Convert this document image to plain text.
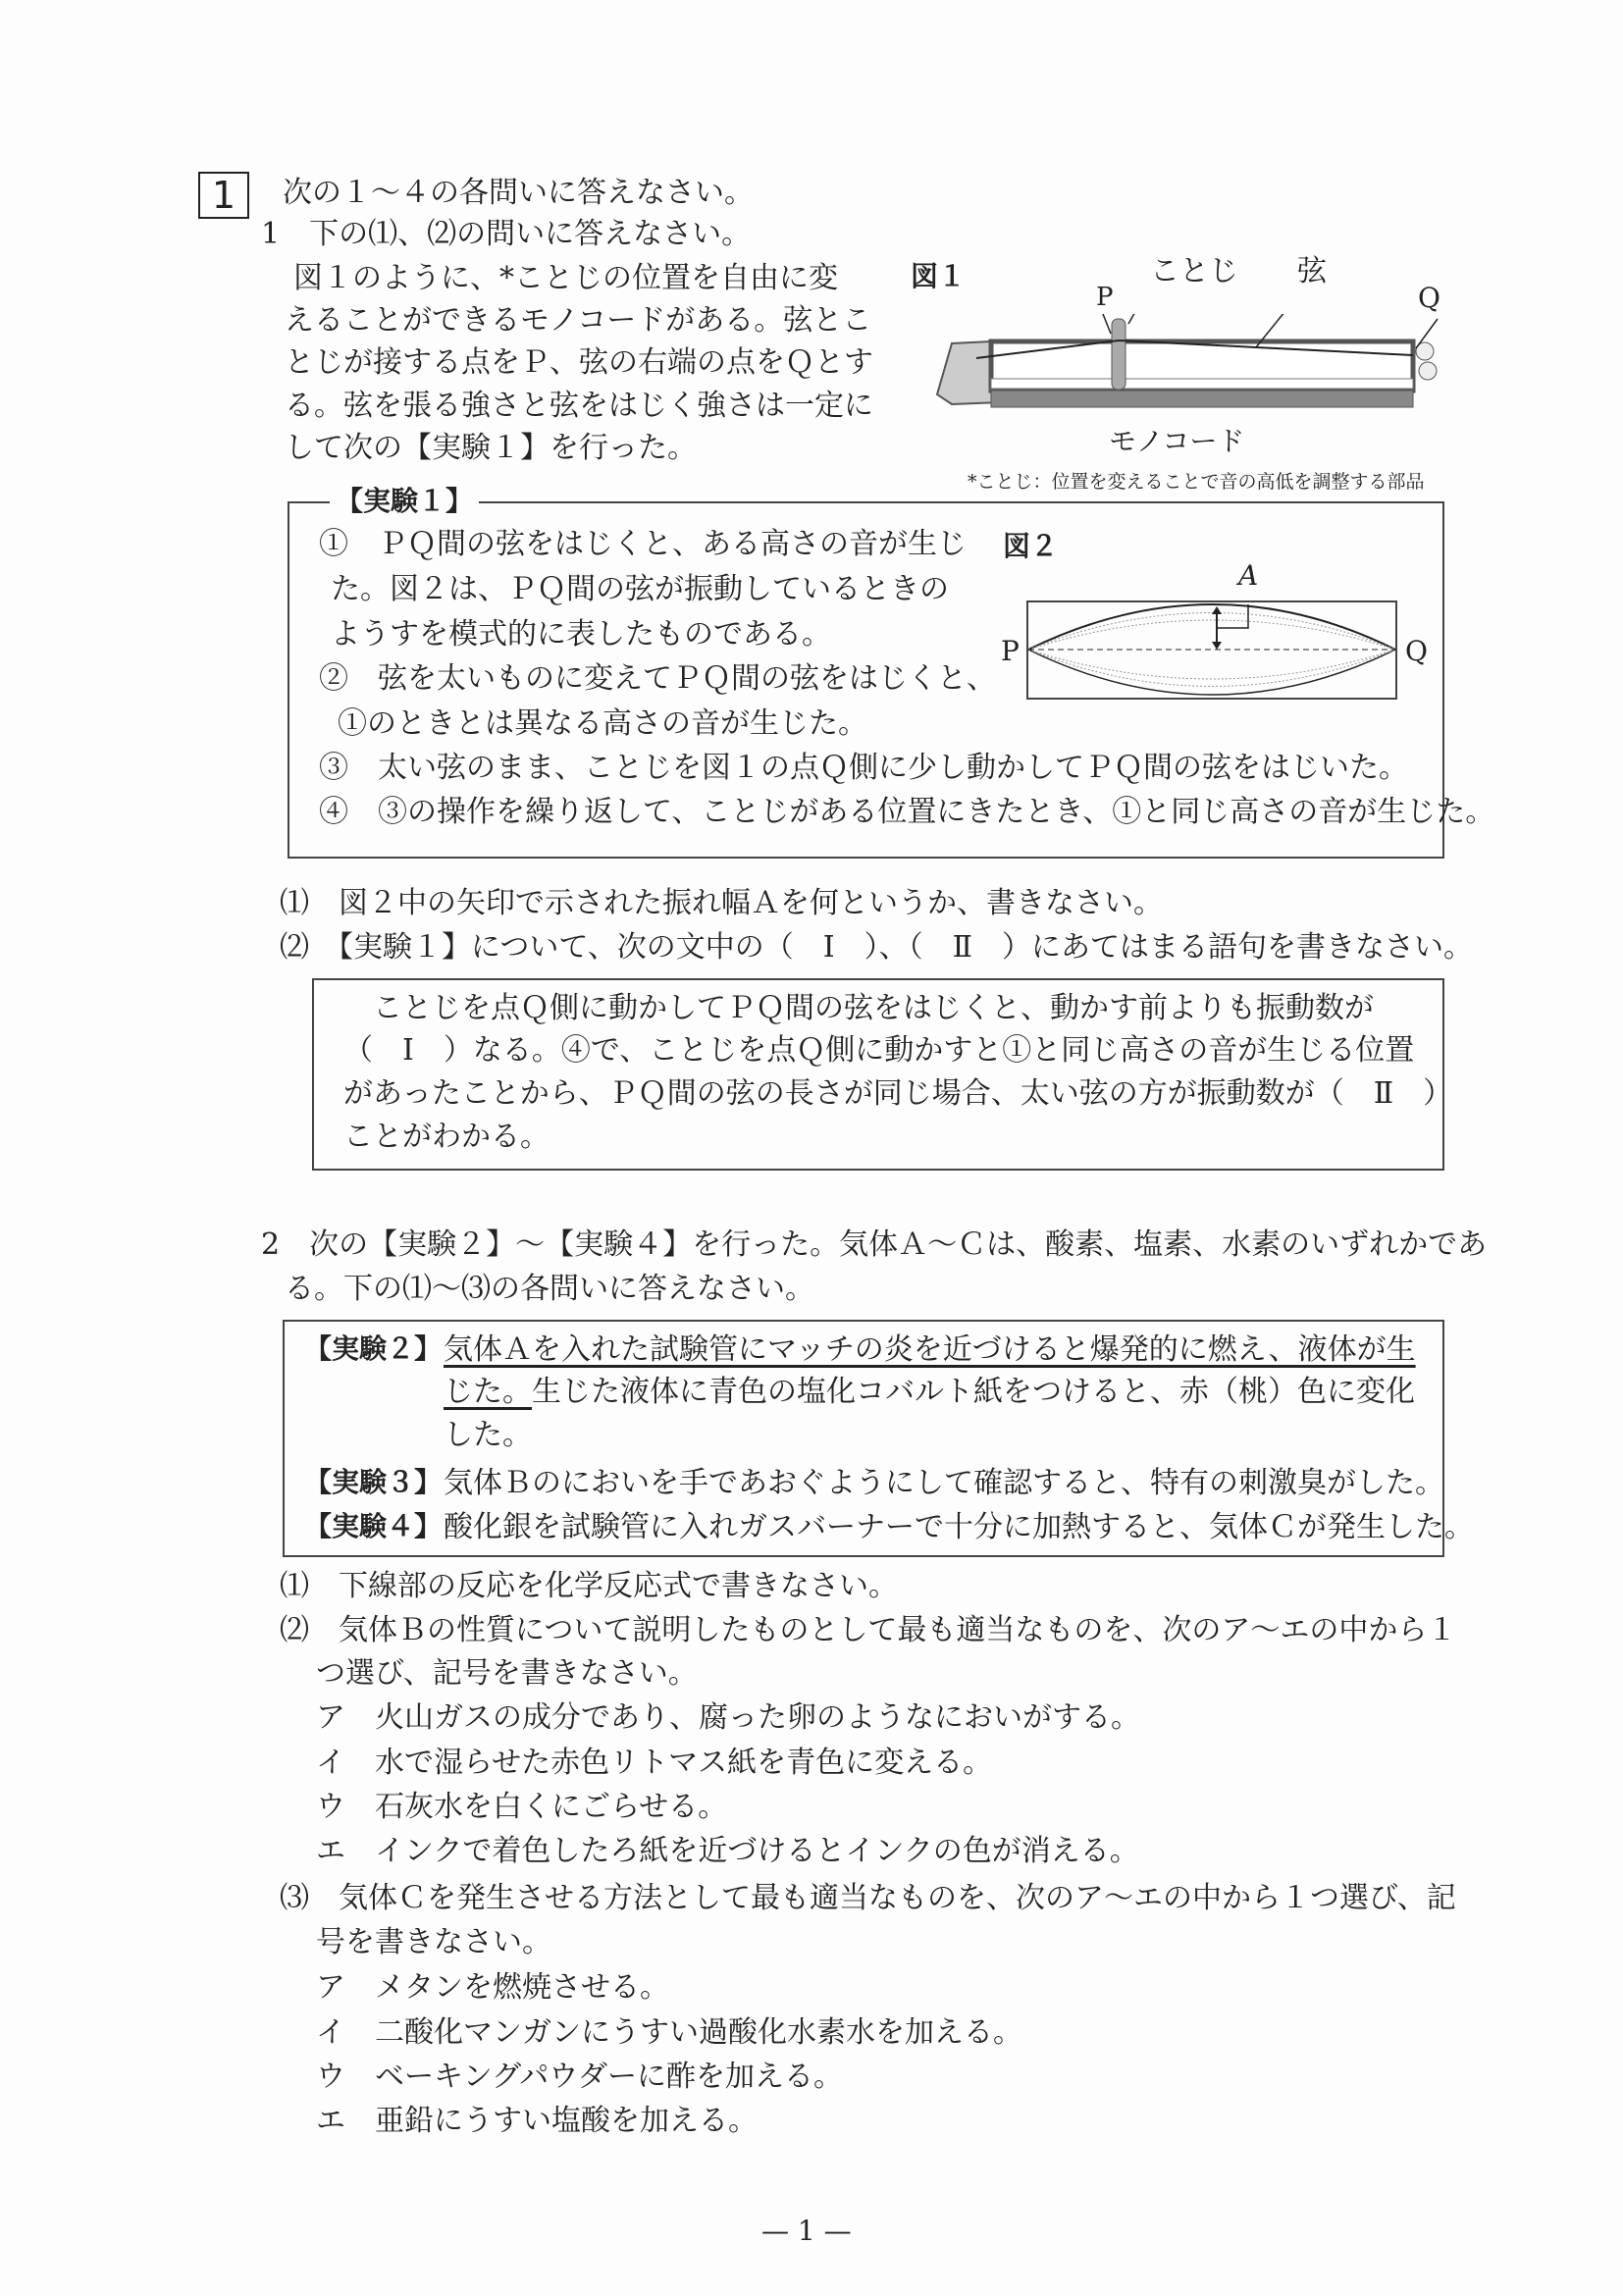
1	次の１～４の各問いに答えなさい。
1　下の⑴、⑵の問いに答えなさい。
図１のように、*ことじの位置を自由に変
えることができるモノコードがある。弦とこ
とじが接する点をＰ、弦の右端の点をＱとす
る。弦を張る強さと弦をはじく強さは一定に
して次の【実験１】を行った。
図１	ことじ 弦
P	Q
モノコード
*ことじ：位置を変えることで音の高低を調整する部品
【実験１】
①　ＰＱ間の弦をはじくと、ある高さの音が生じ
た。図２は、ＰＱ間の弦が振動しているときの
ようすを模式的に表したものである。
②　弦を太いものに変えてＰＱ間の弦をはじくと、
①のときとは異なる高さの音が生じた。
③　太い弦のまま、ことじを図１の点Ｑ側に少し動かしてＰＱ間の弦をはじいた。
④　③の操作を繰り返して、ことじがある位置にきたとき、①と同じ高さの音が生じた。
図２
A
P	Q
⑴　図２中の矢印で示された振れ幅Ａを何というか、書きなさい。
⑵　【実験１】について、次の文中の（　Ⅰ　）、（　Ⅱ　）にあてはまる語句を書きなさい。
ことじを点Ｑ側に動かしてＰＱ間の弦をはじくと、動かす前よりも振動数が
（　Ⅰ　）なる。④で、ことじを点Ｑ側に動かすと①と同じ高さの音が生じる位置
があったことから、ＰＱ間の弦の長さが同じ場合、太い弦の方が振動数が（　Ⅱ　）
ことがわかる。
2　次の【実験２】～【実験４】を行った。気体Ａ～Ｃは、酸素、塩素、水素のいずれかであ
る。下の⑴～⑶の各問いに答えなさい。
【実験２】 気体Ａを入れた試験管にマッチの炎を近づけると爆発的に燃え、液体が生
じた。生じた液体に青色の塩化コバルト紙をつけると、赤（桃）色に変化
した。
【実験３】 気体Ｂのにおいを手であおぐようにして確認すると、特有の刺激臭がした。
【実験４】 酸化銀を試験管に入れガスバーナーで十分に加熱すると、気体Ｃが発生した。
⑴　下線部の反応を化学反応式で書きなさい。
⑵　気体Ｂの性質について説明したものとして最も適当なものを、次のア～エの中から１
つ選び、記号を書きなさい。
ア　火山ガスの成分であり、腐った卵のようなにおいがする。
イ　水で湿らせた赤色リトマス紙を青色に変える。
ウ　石灰水を白くにごらせる。
エ　インクで着色したろ紙を近づけるとインクの色が消える。
⑶　気体Ｃを発生させる方法として最も適当なものを、次のア～エの中から１つ選び、記
号を書きなさい。
ア　メタンを燃焼させる。
イ　二酸化マンガンにうすい過酸化水素水を加える。
ウ　ベーキングパウダーに酢を加える。
エ　亜鉛にうすい塩酸を加える。
— 1 —
